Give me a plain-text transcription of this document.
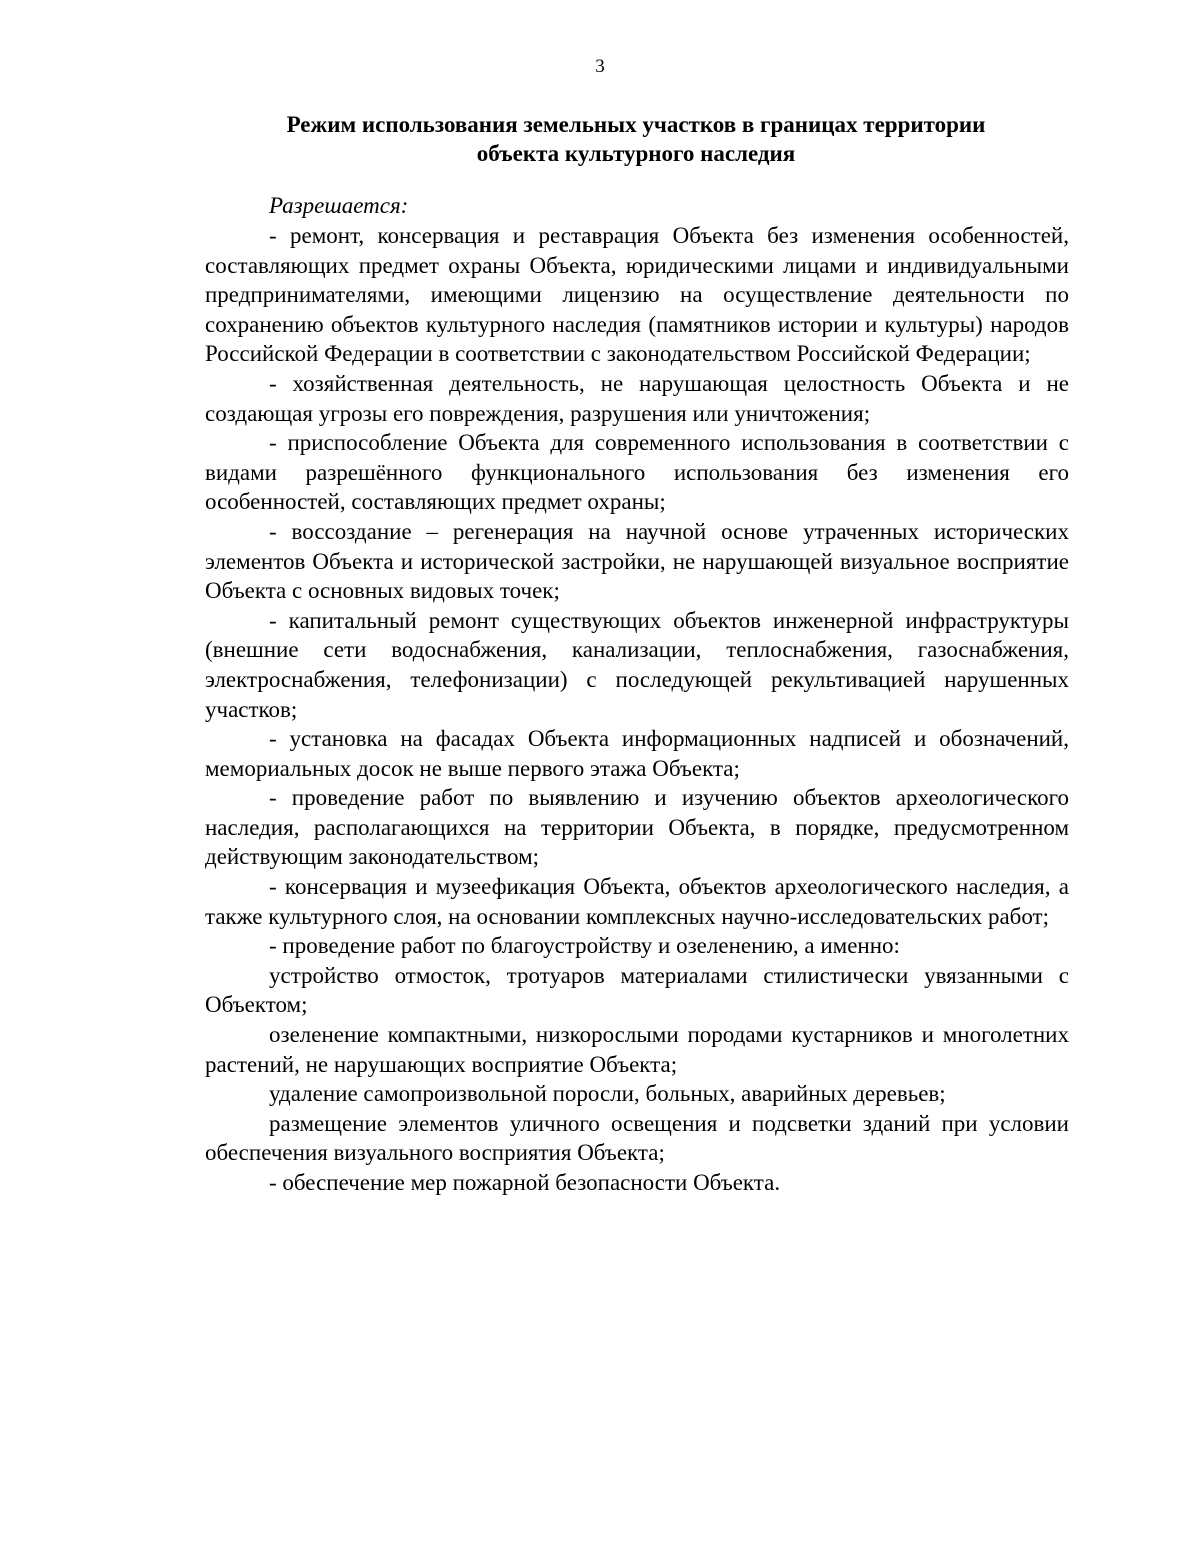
3
Режим использования земельных участков в границах территории
объекта культурного наследия

Разрешается:

- ремонт, консервация и реставрация Объекта без изменения особенностей, составляющих предмет охраны Объекта, юридическими лицами и индивидуальными предпринимателями, имеющими лицензию на осуществление деятельности по сохранению объектов культурного наследия (памятников истории и культуры) народов Российской Федерации в соответствии с законодательством Российской Федерации;

- хозяйственная деятельность, не нарушающая целостность Объекта и не создающая угрозы его повреждения, разрушения или уничтожения;

- приспособление Объекта для современного использования в соответствии с видами разрешённого функционального использования без изменения его особенностей, составляющих предмет охраны;

- воссоздание – регенерация на научной основе утраченных исторических элементов Объекта и исторической застройки, не нарушающей визуальное восприятие Объекта с основных видовых точек;

- капитальный ремонт существующих объектов инженерной инфраструктуры (внешние сети водоснабжения, канализации, теплоснабжения, газоснабжения, электроснабжения, телефонизации) с последующей рекультивацией нарушенных участков;

- установка на фасадах Объекта информационных надписей и обозначений, мемориальных досок не выше первого этажа Объекта;

- проведение работ по выявлению и изучению объектов археологического наследия, располагающихся на территории Объекта, в порядке, предусмотренном действующим законодательством;

- консервация и музеефикация Объекта, объектов археологического наследия, а также культурного слоя, на основании комплексных научно-исследовательских работ;

- проведение работ по благоустройству и озеленению, а именно:

устройство отмосток, тротуаров материалами стилистически увязанными с Объектом;

озеленение компактными, низкорослыми породами кустарников и многолетних растений, не нарушающих восприятие Объекта;

удаление самопроизвольной поросли, больных, аварийных деревьев;

размещение элементов уличного освещения и подсветки зданий при условии обеспечения визуального восприятия Объекта;

- обеспечение мер пожарной безопасности Объекта.
